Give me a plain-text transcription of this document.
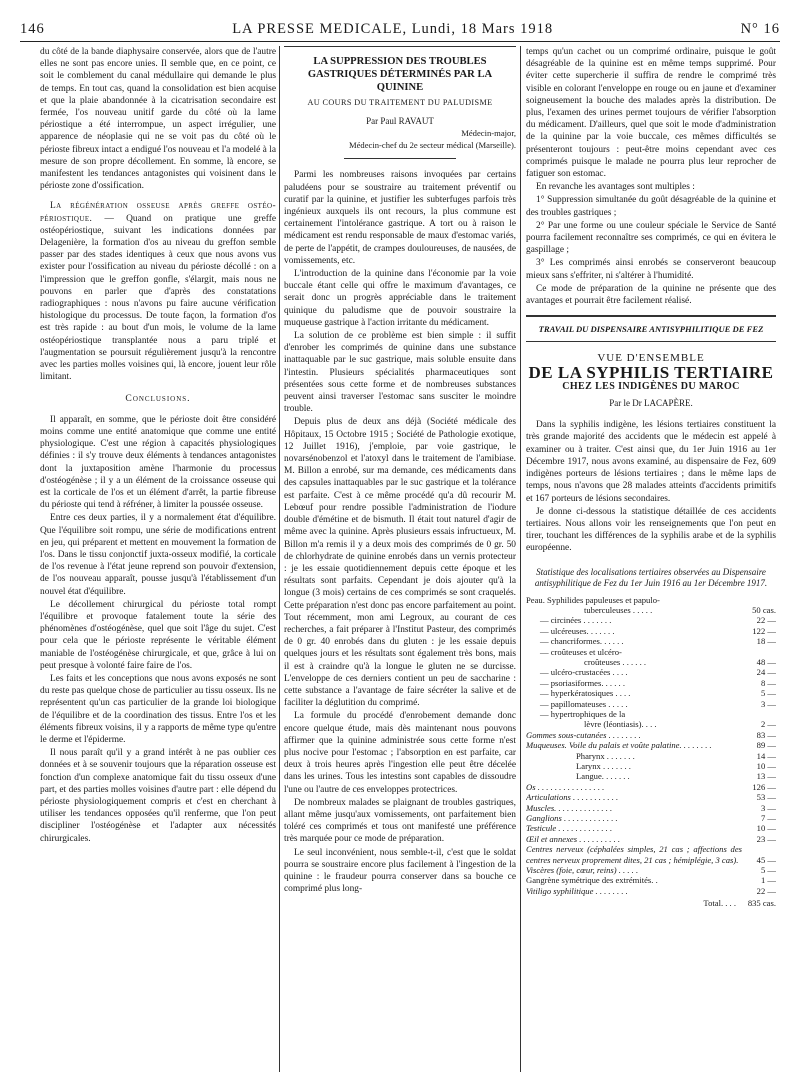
146	LA PRESSE MEDICALE, Lundi, 18 Mars 1918	N° 16

du côté de la bande diaphysaire conservée, alors que de l'autre elles ne sont pas encore unies. Il semble que, en ce point, ce soit le comblement du canal médullaire qui demande le plus de temps. En tout cas, quand la consolidation est bien acquise et que la plaie abandonnée à la cicatrisation secondaire est fermée, l'os nouveau unitif garde du côté où la lame périostique a été interrompue, un aspect irrégulier, une apparence de néoplasie qui ne se voit pas du côté où le périoste fibreux intact a endigué l'os nouveau et l'a modelé à la mesure de son propre décollement. En somme, là encore, se manifestent les tendances antagonistes qui voisinent dans le périoste zone d'ossification.

La régénération osseuse après greffe ostéo-périostique. — Quand on pratique une greffe ostéopériostique, suivant les indications données par Delagenière, la formation d'os au niveau du greffon semble passer par des stades identiques à ceux que nous avons vus exister pour l'ossification au niveau du périoste décollé : on a l'impression que le greffon gonfle, s'élargit, mais nous ne pouvons en parler que d'après des constatations radiographiques : nous n'avons pu faire aucune vérification histologique du processus. De toute façon, la formation d'os est très rapide : au bout d'un mois, le volume de la lame ostéopériostique transplantée nous a paru triplé et l'augmentation se poursuit régulièrement jusqu'à la rencontre avec les parties molles voisines qui, là encore, jouent leur rôle limitant.

Conclusions.

Il apparaît, en somme, que le périoste doit être considéré moins comme une entité anatomique que comme une entité physiologique. C'est une région à capacités physiologiques définies : il s'y trouve deux éléments à tendances antagonistes dont la juxtaposition amène l'harmonie du processus d'ostéogénèse ; il y a un élément de la croissance osseuse qui est la corticale de l'os et un élément d'arrêt, la partie fibreuse du périoste qui tend à réfréner, à limiter la poussée osseuse.

Entre ces deux parties, il y a normalement état d'équilibre. Que l'équilibre soit rompu, une série de modifications entrent en jeu, qui préparent et mettent en mouvement la formation de l'os. Dans le tissu conjonctif juxta-osseux modifié, la corticale de l'os revenue à l'état jeune reprend son pouvoir d'extension, de l'os nouveau apparaît, pousse jusqu'à l'établissement d'un nouvel état d'équilibre.

Le décollement chirurgical du périoste total rompt l'équilibre et provoque fatalement toute la série des phénomènes d'ostéogénèse, quel que soit l'âge du sujet. C'est pour cela que le périoste représente le véritable élément maniable de l'ostéogénèse chirurgicale, et que, grâce à lui on peut presque à volonté faire faire de l'os.

Les faits et les conceptions que nous avons exposés ne sont du reste pas quelque chose de particulier au tissu osseux. Ils ne représentent qu'un cas particulier de la grande loi biologique de l'équilibre et de la coordination des tissus. Entre l'os et les éléments fibreux voisins, il y a rapports de même type qu'entre le derme et l'épiderme.

Il nous paraît qu'il y a grand intérêt à ne pas oublier ces données et à se souvenir toujours que la réparation osseuse est fonction d'un complexe anatomique fait du tissu osseux d'une part, et des parties molles voisines d'autre part : elle dépend du périoste physiologiquement compris et c'est en cherchant à utiliser les tendances opposées qu'il renferme, que l'on peut discipliner l'ostéogénèse et l'adapter aux nécessités chirurgicales.

LA SUPPRESSION DES TROUBLES GASTRIQUES DÉTERMINÉS PAR LA QUININE
AU COURS DU TRAITEMENT DU PALUDISME
Par Paul RAVAUT
Médecin-major,
Médecin-chef du 2e secteur médical (Marseille).

Parmi les nombreuses raisons invoquées par certains paludéens pour se soustraire au traitement préventif ou curatif par la quinine, et justifier les subterfuges parfois très ingénieux auxquels ils ont recours, la plus commune est certainement l'intolérance gastrique. A tort ou à raison le médicament est rendu responsable de maux d'estomac variés, de perte de l'appétit, de crampes douloureuses, de nausées, de vomissements, etc.

L'introduction de la quinine dans l'économie par la voie buccale étant celle qui offre le maximum d'avantages, ce serait donc un progrès appréciable dans le traitement quinique du paludisme que de pouvoir soustraire la muqueuse gastrique à l'action irritante du médicament.

La solution de ce problème est bien simple : il suffit d'enrober les comprimés de quinine dans une substance inattaquable par le suc gastrique, mais soluble ensuite dans l'intestin. Plusieurs spécialités pharmaceutiques sont présentées sous cette forme et de nombreuses substances peuvent ainsi traverser l'estomac sans susciter le moindre trouble.

Depuis plus de deux ans déjà (Société médicale des Hôpitaux, 15 Octobre 1915 ; Société de Pathologie exotique, 12 Juillet 1916), j'emploie, par voie gastrique, le novarsénobenzol et l'atoxyl dans le traitement de l'amibiase. M. Billon a enrobé, sur ma demande, ces médicaments dans des capsules inattaquables par le suc gastrique et la tolérance est parfaite. C'est à ce même procédé qu'a dû recourir M. Lebœuf pour rendre possible l'administration de l'iodure double d'émétine et de bismuth. Il était tout naturel d'agir de même avec la quinine. Après plusieurs essais infructueux, M. Billon m'a remis il y a deux mois des comprimés de 0 gr. 50 de chlorhydrate de quinine enrobés dans un vernis protecteur : je les essaie quotidiennement depuis cette époque et les résultats sont parfaits. Cependant je dois ajouter qu'à la longue (3 mois) certains de ces comprimés se sont craquelés. Cette préparation n'est donc pas encore parfaitement au point. Tout récemment, mon ami Legroux, au courant de ces recherches, a fait préparer à l'Institut Pasteur, des comprimés de 0 gr. 40 enrobés dans du gluten : je les essaie depuis quelques jours et les résultats sont également très bons, mais il est à craindre qu'à la longue le gluten ne se durcisse. L'enveloppe de ces derniers contient un peu de saccharine : cette substance a l'avantage de faire sécréter la salive et de faciliter la déglutition du comprimé.

La formule du procédé d'enrobement demande donc encore quelque étude, mais dès maintenant nous pouvons affirmer que la quinine administrée sous cette forme n'est plus nocive pour l'estomac ; l'absorption en est parfaite, car deux à trois heures après l'ingestion elle peut être décelée dans les urines. Tous les intestins sont capables de dissoudre l'une ou l'autre de ces enveloppes protectrices.

De nombreux malades se plaignant de troubles gastriques, allant même jusqu'aux vomissements, ont parfaitement bien toléré ces comprimés et tous ont manifesté une préférence très marquée pour ce mode de préparation.

Le seul inconvénient, nous semble-t-il, c'est que le soldat pourra se soustraire encore plus facilement à l'ingestion de la quinine : le fraudeur pourra conserver dans sa bouche ce comprimé plus long-

temps qu'un cachet ou un comprimé ordinaire, puisque le goût désagréable de la quinine est en même temps supprimé. Pour éviter cette supercherie il suffira de rendre le comprimé très visible en colorant l'enveloppe en rouge ou en jaune et d'examiner soigneusement la bouche des malades après la distribution. De plus, l'examen des urines permet toujours de vérifier l'absorption du médicament. D'ailleurs, quel que soit le mode d'administration de la quinine par la voie buccale, ces mêmes difficultés se présenteront toujours : peut-être moins cependant avec ces comprimés puisque le malade ne pourra plus leur reprocher de fatiguer son estomac.

En revanche les avantages sont multiples :

1° Suppression simultanée du goût désagréable de la quinine et des troubles gastriques ;

2° Par une forme ou une couleur spéciale le Service de Santé pourra facilement reconnaître ses comprimés, ce qui en évitera le gaspillage ;

3° Les comprimés ainsi enrobés se conserveront beaucoup mieux sans s'effriter, ni s'altérer à l'humidité.

Ce mode de préparation de la quinine ne présente que des avantages et pourrait être facilement réalisé.

TRAVAIL DU DISPENSAIRE ANTISYPHILITIQUE DE FEZ
VUE D'ENSEMBLE
DE LA SYPHILIS TERTIAIRE
CHEZ LES INDIGÈNES DU MAROC
Par le Dr LACAPÈRE.

Dans la syphilis indigène, les lésions tertiaires constituent la très grande majorité des accidents que le médecin est appelé à examiner ou à traiter. C'est ainsi que, du 1er Juin 1916 au 1er Décembre 1917, nous avons examiné, au dispensaire de Fez, 609 indigènes porteurs de lésions tertiaires ; dans le même laps de temps, nous n'avons que 28 malades atteints d'accidents primitifs et 167 porteurs de lésions secondaires.

Je donne ci-dessous la statistique détaillée de ces accidents tertiaires. Nous allons voir les renseignements que l'on peut en tirer, touchant les différences de la syphilis arabe et de la syphilis européenne.

Statistique des localisations tertiaires observées au Dispensaire antisyphilitique de Fez du 1er Juin 1916 au 1er Décembre 1917.
Peau. Syphilides papuleuses et papulo-	
tuberculeuses . . . . .	50 cas.
— circinées . . . . . . .	22 —
— ulcéreuses. . . . . . .	122 —
— chancriformes. . . . . .	18 —
— croûteuses et ulcéro-	
croûteuses . . . . . .	48 —
— ulcéro-crustacées . . . .	24 —
— psoriasiformes. . . . . .	8 —
— hyperkératosiques . . . .	5 —
— papillomateuses . . . . .	3 —
— hypertrophiques de la	
lèvre (léontiasis). . . .	2 —
Gommes sous-cutanées . . . . . . . .	83 —
Muqueuses. Voile du palais et voûte palatine. . . . . . . .	89 —
Pharynx . . . . . . .	14 —
Larynx . . . . . . .	10 —
Langue. . . . . . .	13 —
Os . . . . . . . . . . . . . . . .	126 —
Articulations . . . . . . . . . . .	53 —
Muscles. . . . . . . . . . . . . .	3 —
Ganglions . . . . . . . . . . . . .	7 —
Testicule . . . . . . . . . . . . .	10 —
Œil et annexes . . . . . . . . . .	23 —
Centres nerveux (céphalées simples, 21 cas ; affections des centres nerveux proprement dites, 21 cas ; hémiplégie, 3 cas).	45 —
Viscères (foie, cœur, reins) . . . . .	5 —
Gangrène symétrique des extrémités. .	1 —
Vitiligo syphilitique . . . . . . . .	22 —
Total. . . .	835 cas.
